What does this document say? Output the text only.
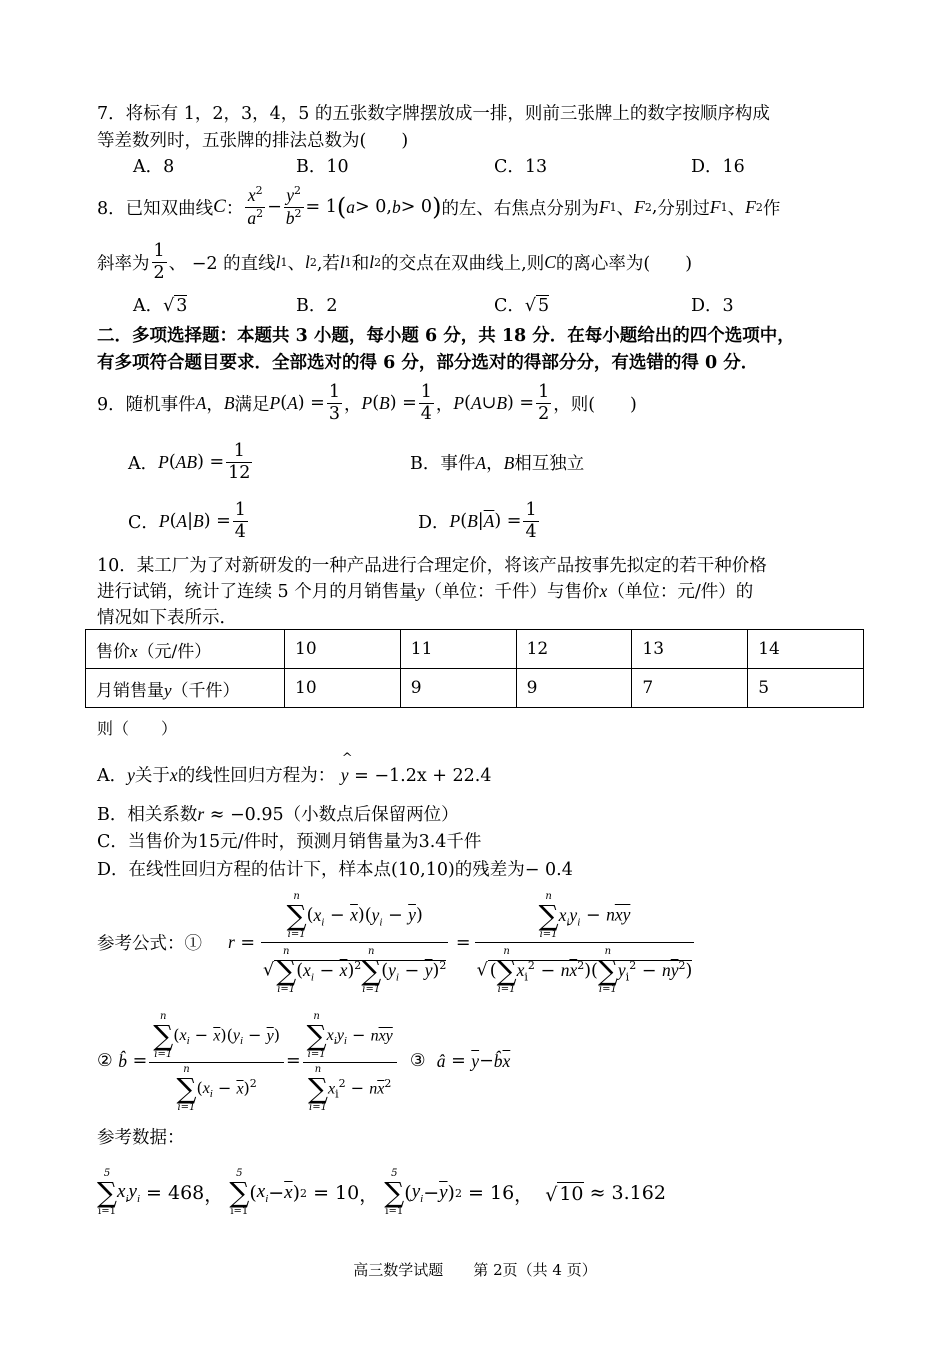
7．将标有 1，2，3，4，5 的五张数字牌摆放成一排，则前三张牌上的数字按顺序构成
等差数列时，五张牌的排法总数为(　　)
A．8	B．10	C．13	D．16
8．已知双曲线 C ： $\frac{x^2}{a^2} - \frac{y^2}{b^2} = 1$ ( a > 0, b > 0 ) 的左、右焦点分别为 F 1 、 F 2 , 分别过 F 1 、 F 2 作
斜率为 $\frac{1}{2}$ 、 −2 的直线 l 1 、 l 2 ,若 l 1 和 l 2 的交点在双曲线上,则 C 的离心率为(　　)
A．√ 3	B．2	C．√ 5	D．3
二．多项选择题：本题共 3 小题，每小题 6 分，共 18 分．在每小题给出的四个选项中，
有多项符合题目要求．全部选对的得 6 分，部分选对的得部分分，有选错的得 0 分．
9．随机事件 A ， B 满足 P ( A ) = $\frac{1}{3}$ ， P ( B ) = $\frac{1}{4}$ ， P ( A ∪ B ) = $\frac{1}{2}$ ， 则(　　)
A． P ( AB ) = $\frac{1}{12}$	B．事件A，B相互独立
C． P ( A | B ) = $\frac{1}{4}$	D． P ( B | $\overline{A}$ ) = $\frac{1}{4}$
10．某工厂为了对新研发的一种产品进行合理定价，将该产品按事先拟定的若干种价格
进行试销，统计了连续 5 个月的月销售量y（单位：千件）与售价x（单位：元/件）的
情况如下表所示．
售价x（元/件）	10	11	12	13	14
月销售量y（千件）	10	9	9	7	5
则（　　）
A．y关于x的线性回归方程为： y
^
= −1.2x + 22.4
B．相关系数r ≈ −0.95（小数点后保留两位）
C．当售价为15元/件时，预测月销售量为3.4千件
D．在线性回归方程的估计下，样本点(10,10)的残差为− 0.4
参考公式：① r = n
∑
i=1
$(x_i - \overline{x})(y_i - \overline{y})$
√
n
∑
i=1
$(x_i - \overline{x})^2$
n
∑
i=1
$(y_i - \overline{y})^2 = n$
∑
i=1
$x_iy_i - n\overline{xy}$
√ (
n
∑
i=1
$x_i^2 - n\overline{x}^2$)(
n
∑
i=1
$y_i^2 - n\overline{y}^2$)
②
b̂ = n
∑
i=1
$(x_i - \overline{x})(y_i - \overline{y})$
n
∑
i=1
$(x_i - \overline{x})^2 = n$
∑
i=1
$x_iy_i - n\overline{xy}$
n
∑
i=1
$x_i^2 - n\overline{x}^2$
③
â = $\overline{y}$ − b̂ $\overline{x}$
参考数据：
5
∑
i=1
$x_iy_i$
= 468 ，
5
∑
i=1
( $x_i - \overline{x}$ ) 2
= 10 ，
5
∑
i=1
( $y_i - \overline{y}$ ) 2
= 16 ，  √ 10
≈ 3.162
高三数学试题　　第 2页（共 4 页）
